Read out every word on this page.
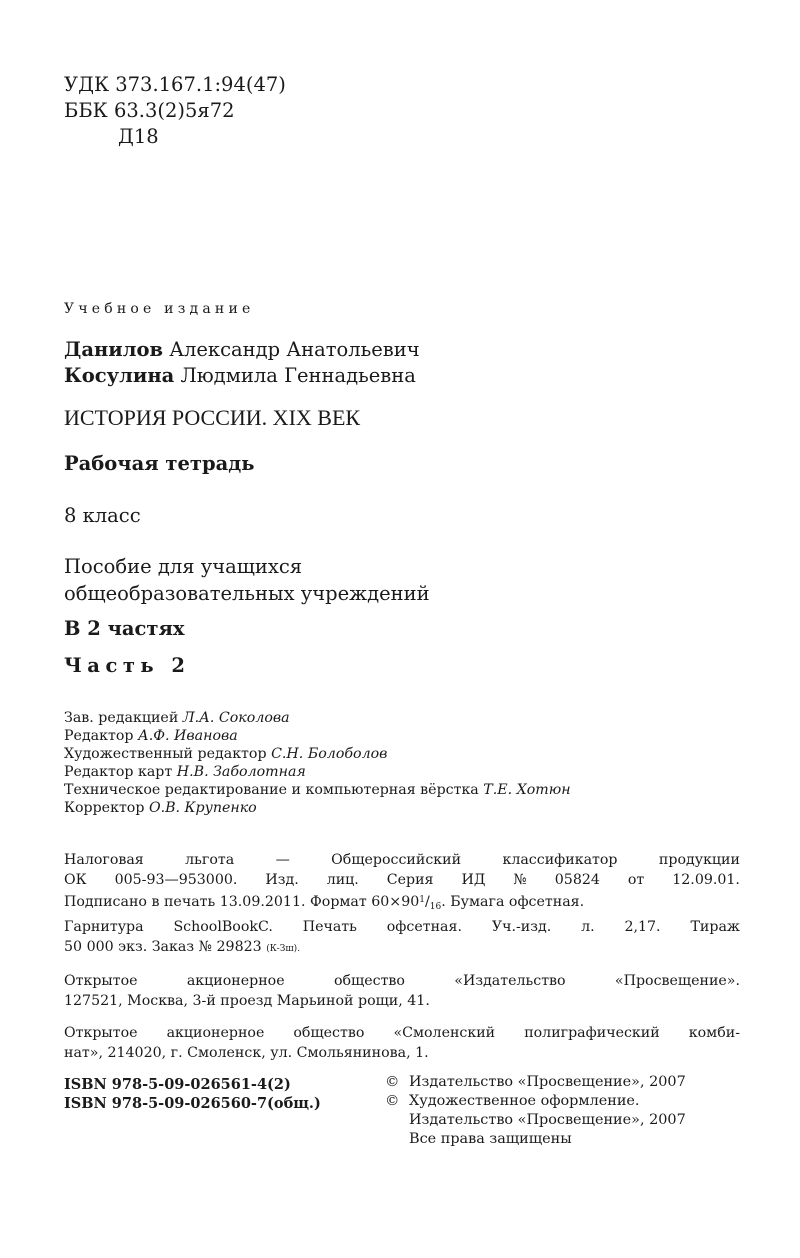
УДК 373.167.1:94(47)
ББК 63.3(2)5я72
Д18
Учебное издание
Данилов Александр Анатольевич
Косулина Людмила Геннадьевна
ИСТОРИЯ РОССИИ. XIX ВЕК
Рабочая тетрадь
8 класс
Пособие для учащихся
общеобразовательных учреждений
В 2 частях
Часть 2
Зав. редакцией Л.А. Соколова
Редактор А.Ф. Иванова
Художественный редактор С.Н. Болоболов
Редактор карт Н.В. Заболотная
Техническое редактирование и компьютерная вёрстка Т.Е. Хотюн
Корректор О.В. Крупенко
Налоговая	льгота	—	Общероссийский	классификатор	продукции
ОК 005-93—953000. Изд. лиц. Серия ИД № 05824 от 12.09.01.
Подписано в печать 13.09.2011. Формат $60\times 90^1/16$. Бумага офсетная.
Гарнитура SchoolBookC. Печать офсетная. Уч.-изд. л. 2,17. Тираж
50 000 экз. Заказ № 29823 (К-Зш).
Открытое	акционерное	общество	«Издательство	«Просвещение».
127521, Москва, 3-й проезд Марьиной рощи, 41.
Открытое акционерное общество «Смоленский полиграфический комби-
нат», 214020, г. Смоленск, ул. Смольянинова, 1.
ISBN 978-5-09-026561-4(2)
ISBN 978-5-09-026560-7(общ.)
© Издательство «Просвещение», 2007
© Художественное оформление.
Издательство «Просвещение», 2007
Все права защищены
